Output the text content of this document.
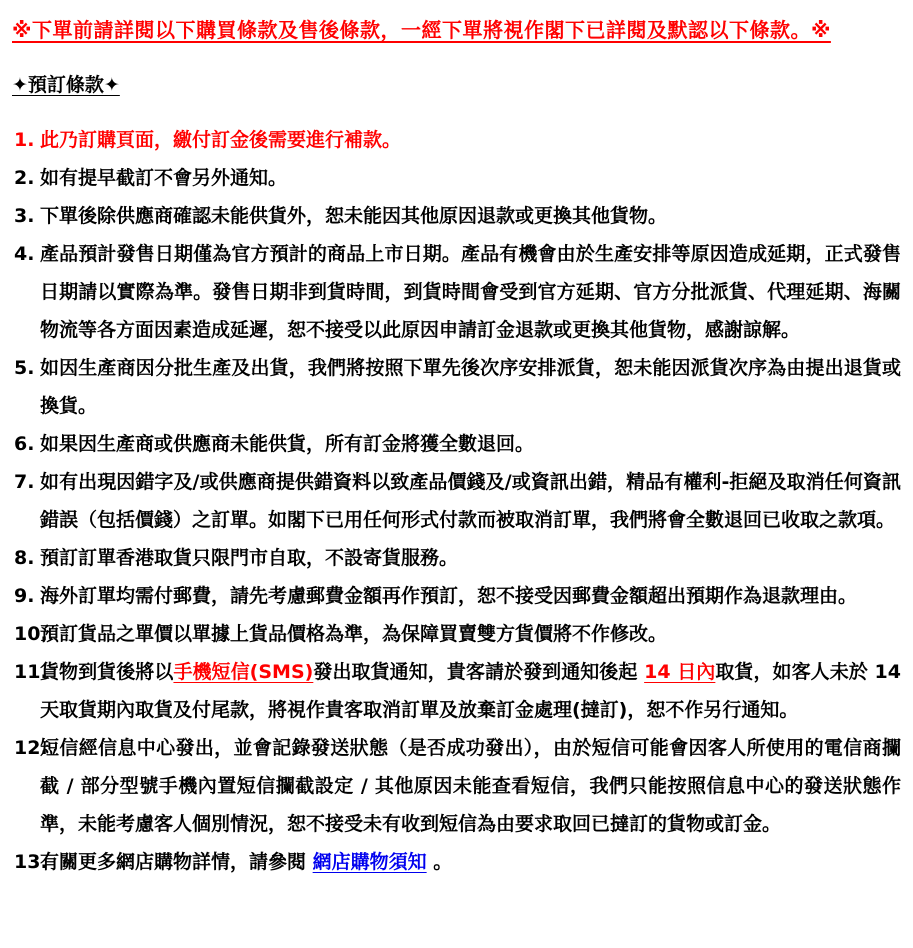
※下單前請詳閱以下購買條款及售後條款，一經下單將視作閣下已詳閱及默認以下條款。※
✦預訂條款✦
1. 此乃訂購頁面，繳付訂金後需要進行補款。
2. 如有提早截訂不會另外通知。
3. 下單後除供應商確認未能供貨外，恕未能因其他原因退款或更換其他貨物。
4. 產品預計發售日期僅為官方預計的商品上市日期。產品有機會由於生產安排等原因造成延期，正式發售日期請以實際為準。發售日期非到貨時間，到貨時間會受到官方延期、官方分批派貨、代理延期、海關物流等各方面因素造成延遲，恕不接受以此原因申請訂金退款或更換其他貨物，感謝諒解。
5. 如因生產商因分批生產及出貨，我們將按照下單先後次序安排派貨，恕未能因派貨次序為由提出退貨或換貨。
6. 如果因生產商或供應商未能供貨，所有訂金將獲全數退回。
7. 如有出現因錯字及/或供應商提供錯資料以致產品價錢及/或資訊出錯，精品有權利-拒絕及取消任何資訊錯誤（包括價錢）之訂單。如閣下已用任何形式付款而被取消訂單，我們將會全數退回已收取之款項。
8. 預訂訂單香港取貨只限門市自取，不設寄貨服務。
9. 海外訂單均需付郵費，請先考慮郵費金額再作預訂，恕不接受因郵費金額超出預期作為退款理由。
10.
預訂貨品之單價以單據上貨品價格為準，為保障買賣雙方貨價將不作修改。
11.
貨物到貨後將以手機短信(SMS)發出取貨通知，貴客請於發到通知後起 14 日內取貨，如客人未於 14 天取貨期內取貨及付尾款，將視作貴客取消訂單及放棄訂金處理(撻訂)，恕不作另行通知。
12.
短信經信息中心發出，並會記錄發送狀態（是否成功發出），由於短信可能會因客人所使用的電信商攔截 / 部分型號手機內置短信攔截設定 / 其他原因未能查看短信，我們只能按照信息中心的發送狀態作準，未能考慮客人個別情況，恕不接受未有收到短信為由要求取回已撻訂的貨物或訂金。
13.
有關更多網店購物詳情，請參閱 網店購物須知 。
